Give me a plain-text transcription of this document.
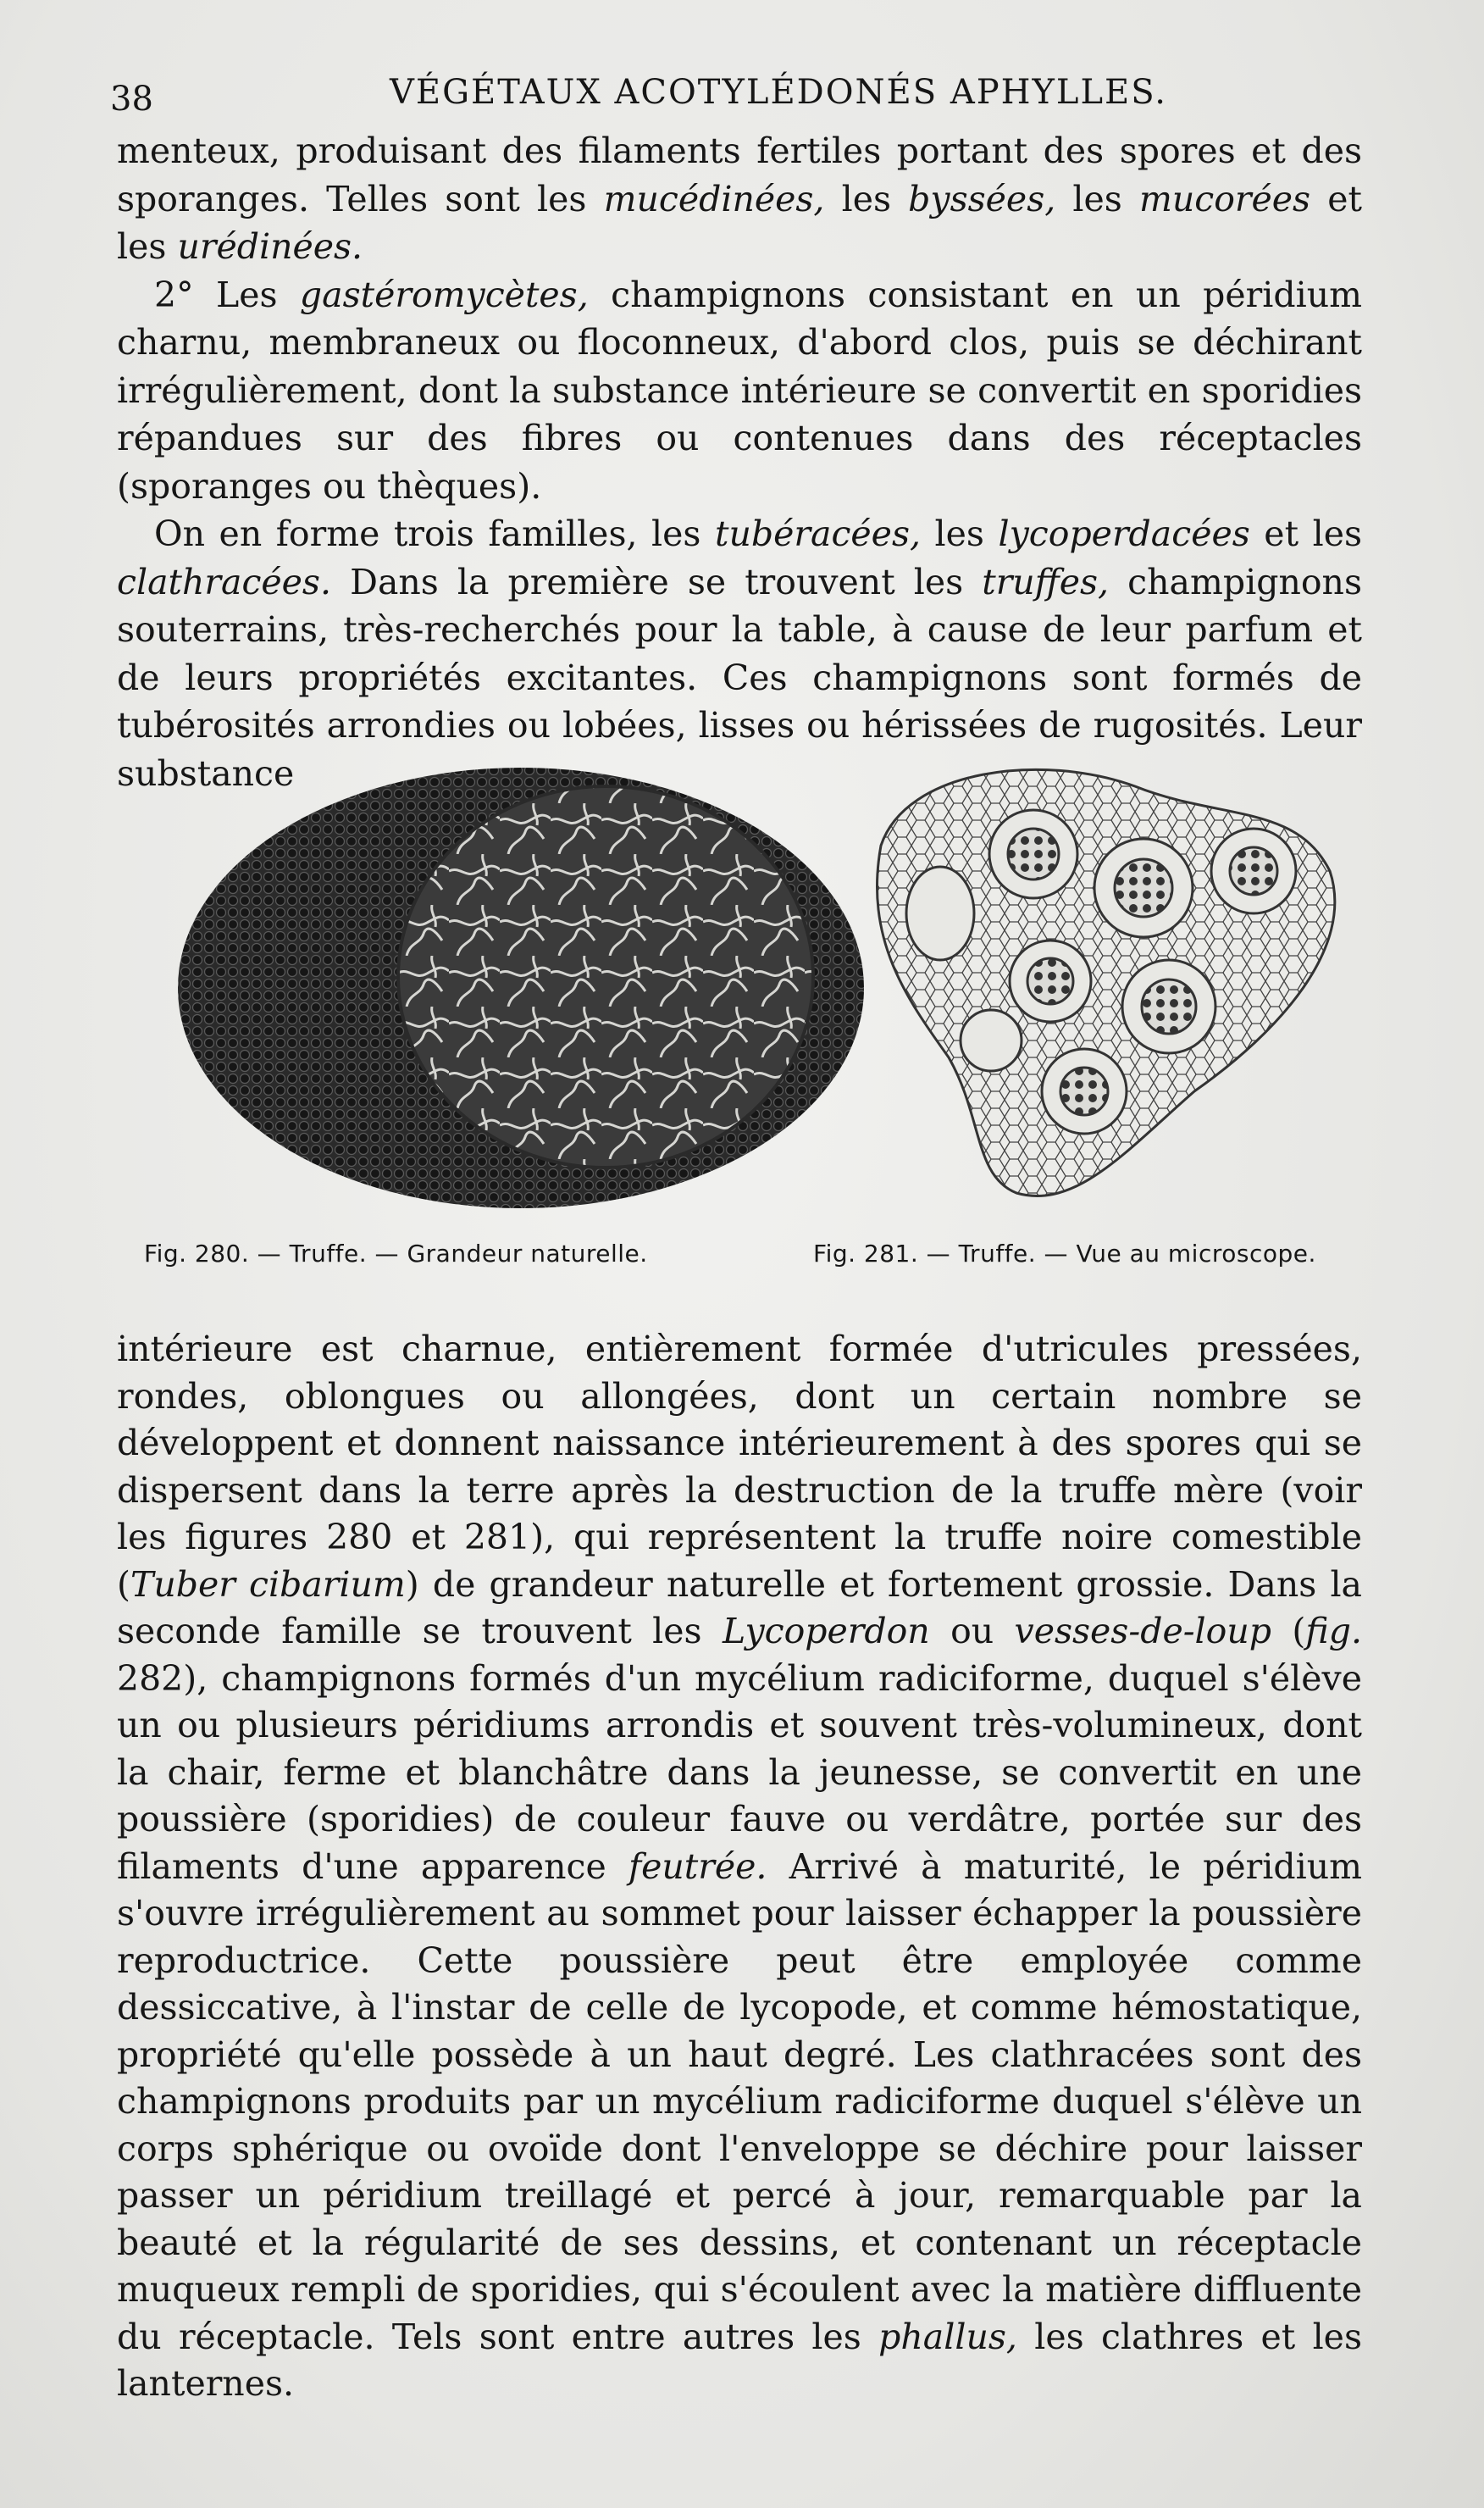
38	VÉGÉTAUX ACOTYLÉDONÉS APHYLLES.

menteux, produisant des filaments fertiles portant des spores et des sporanges. Telles sont les mucédinées, les byssées, les mucorées et les urédinées.

2° Les gastéromycètes, champignons consistant en un péridium charnu, membraneux ou floconneux, d'abord clos, puis se déchirant irrégulièrement, dont la substance intérieure se convertit en sporidies répandues sur des fibres ou contenues dans des réceptacles (sporanges ou thèques).

On en forme trois familles, les tubéracées, les lycoperdacées et les clathracées. Dans la première se trouvent les truffes, champignons souterrains, très-recherchés pour la table, à cause de leur parfum et de leurs propriétés excitantes. Ces champignons sont formés de tubérosités arrondies ou lobées, lisses ou hérissées de rugosités. Leur substance

Fig. 280. — Truffe. — Grandeur naturelle.	Fig. 281. — Truffe. — Vue au microscope.

intérieure est charnue, entièrement formée d'utricules pressées, rondes, oblongues ou allongées, dont un certain nombre se développent et donnent naissance intérieurement à des spores qui se dispersent dans la terre après la destruction de la truffe mère (voir les figures 280 et 281), qui représentent la truffe noire comestible (Tuber cibarium) de grandeur naturelle et fortement grossie. Dans la seconde famille se trouvent les Lycoperdon ou vesses-de-loup (fig. 282), champignons formés d'un mycélium radiciforme, duquel s'élève un ou plusieurs péridiums arrondis et souvent très-volumineux, dont la chair, ferme et blanchâtre dans la jeunesse, se convertit en une poussière (sporidies) de couleur fauve ou verdâtre, portée sur des filaments d'une apparence feutrée. Arrivé à maturité, le péridium s'ouvre irrégulièrement au sommet pour laisser échapper la poussière reproductrice. Cette poussière peut être employée comme dessiccative, à l'instar de celle de lycopode, et comme hémostatique, propriété qu'elle possède à un haut degré. Les clathracées sont des champignons produits par un mycélium radiciforme duquel s'élève un corps sphérique ou ovoïde dont l'enveloppe se déchire pour laisser passer un péridium treillagé et percé à jour, remarquable par la beauté et la régularité de ses dessins, et contenant un réceptacle muqueux rempli de sporidies, qui s'écoulent avec la matière diffluente du réceptacle. Tels sont entre autres les phallus, les clathres et les lanternes.
